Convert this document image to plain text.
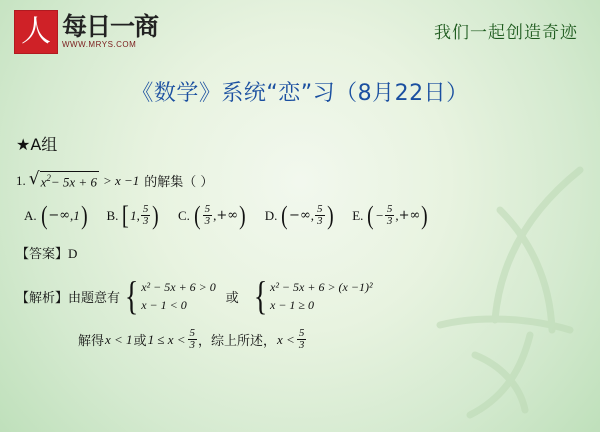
人 每日一商
WWW.MRYS.COM
我们一起创造奇迹
《数学》系统“恋”习（8月22日）
★A组
1. √ $x^2- 5x + 6 > x -1$ 的解集（ ）
A. ( −∞ , 1 ) B. [ 1 , $\frac{5}{3}$ ) C. ( $\frac{5}{3}$ , +∞ ) D. ( −∞ , $\frac{5}{3}$ ) E. ( − $\frac{5}{3}$ , +∞ )
【答案】D
【解析】 由题意有 { x² − 5x + 6 > 0
x − 1 < 0	或 { x² − 5x + 6 > (x −1)²
x − 1 ≥ 0
解得 x < 1 或 $1 \le x < \frac{5}{3}$ ，综上所述， $x < \frac{5}{3}$
